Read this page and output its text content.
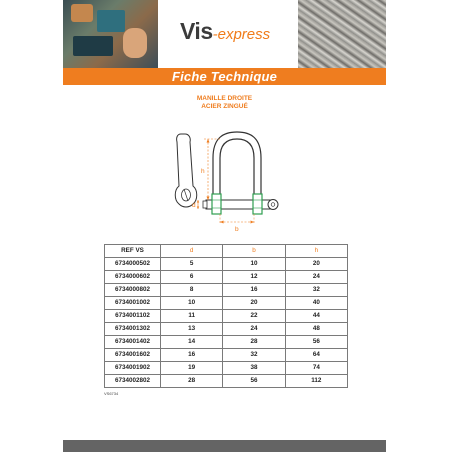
Vis-express
Fiche Technique
MANILLE DROITE
ACIER ZINGUÉ
h
d
b
REF VS	d	b	h
6734000502	5	10	20
6734000602	6	12	24
6734000802	8	16	32
6734001002	10	20	40
6734001102	11	22	44
6734001302	13	24	48
6734001402	14	28	56
6734001602	16	32	64
6734001902	19	38	74
6734002802	28	56	112
VS6734
